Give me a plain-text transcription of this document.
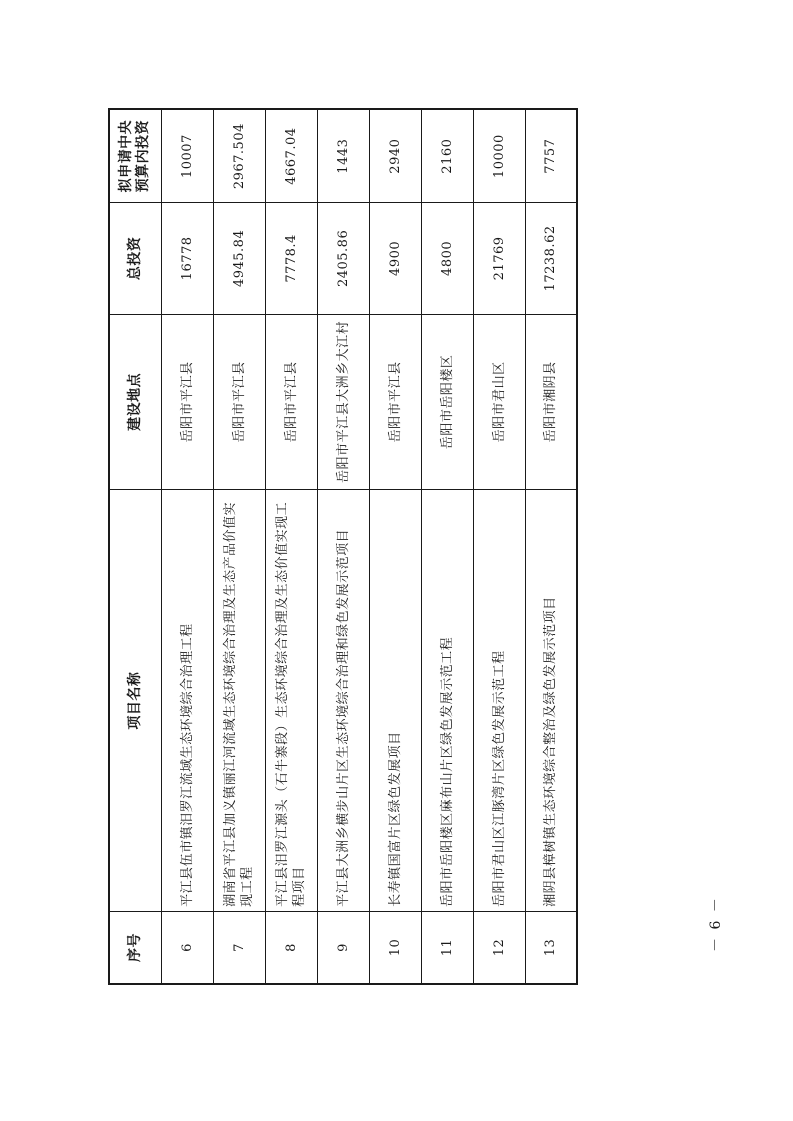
序号	项目名称	建设地点	总投资	拟申请中央预算内投资
6	平江县伍市镇汨罗江流域生态环境综合治理工程	岳阳市平江县	16778	10007
7	湖南省平江县加义镇丽江河流域生态环境综合治理及生态产品价值实现工程	岳阳市平江县	4945.84	2967.504
8	平江县汨罗江源头（石牛寨段）生态环境综合治理及生态价值实现工程项目	岳阳市平江县	7778.4	4667.04
9	平江县大洲乡横步山片区生态环境综合治理和绿色发展示范项目	岳阳市平江县大洲乡大江村	2405.86	1443
10	长寿镇国富片区绿色发展项目	岳阳市平江县	4900	2940
11	岳阳市岳阳楼区麻布山片区绿色发展示范工程	岳阳市岳阳楼区	4800	2160
12	岳阳市君山区江豚湾片区绿色发展示范工程	岳阳市君山区	21769	10000
13	湘阴县樟树镇生态环境综合整治及绿色发展示范项目	岳阳市湘阴县	17238.62	7757
－ 6 －
